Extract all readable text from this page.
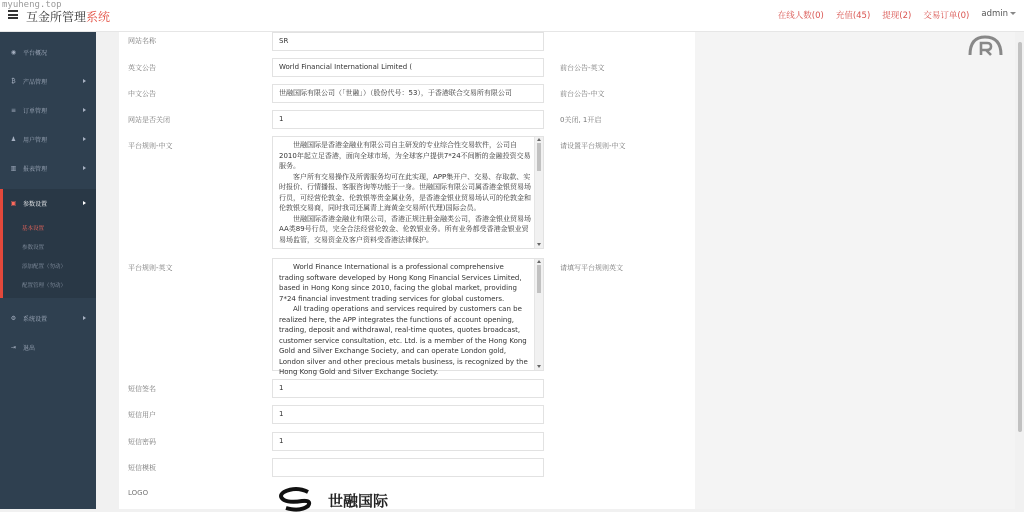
myuheng.top
互金所管理系统	在线人数(0) 充值(45) 提现(2) 交易订单(0) admin
◉ 平台概况
₿ 产品管理
≡ 订单管理
♟ 用户管理
▥ 报表管理
▣ 参数设置
基本设置
参数设置
添加配置（勿动）
配置管理（勿动）
⚙ 系统设置
⇥ 退出
网站名称	SR
英文公告	World Financial International Limited (	前台公告-英文
中文公告	世融国际有限公司（「世融」）（股份代号：53），于香港联合交易所有限公司	前台公告-中文
网站是否关闭	1	0关闭, 1开启
平台规则-中文	世融国际是香港金融业有限公司自主研发的专业综合性交易软件，公司自2010年起立足香港，面向全球市场，为全球客户提供7*24不间断的金融投资交易服务。

客户所有交易操作及所需服务均可在此实现，APP集开户、交易、存取款、实时报价、行情播报、客服咨询等功能于一身。世融国际有限公司属香港金银贸易场行员，可经营伦敦金、伦敦银等贵金属业务，是香港金银业贸易场认可的伦敦金和伦敦银交易商，同时我司还属青上海黄金交易所(代理)国际会员。

世融国际香港金融业有限公司，香港正规注册金融类公司，香港金银业贸易场AA类89号行员，完全合法经营伦敦金、伦敦银业务。所有业务都受香港金银业贸易场监管，交易资金及客户资料受香港法律保护。

请设置平台规则-中文
平台规则-英文	World Finance International is a professional comprehensive trading software developed by Hong Kong Financial Services Limited, based in Hong Kong since 2010, facing the global market, providing 7*24 financial investment trading services for global customers.

All trading operations and services required by customers can be realized here, the APP integrates the functions of account opening, trading, deposit and withdrawal, real-time quotes, quotes broadcast, customer service consultation, etc. Ltd. is a member of the Hong Kong Gold and Silver Exchange Society, and can operate London gold, London silver and other precious metals business, is recognized by the Hong Kong Gold and Silver Exchange Society.

请填写平台规则英文
短信签名	1
短信用户	1
短信密码	1
短信模板
LOGO	世融国际
